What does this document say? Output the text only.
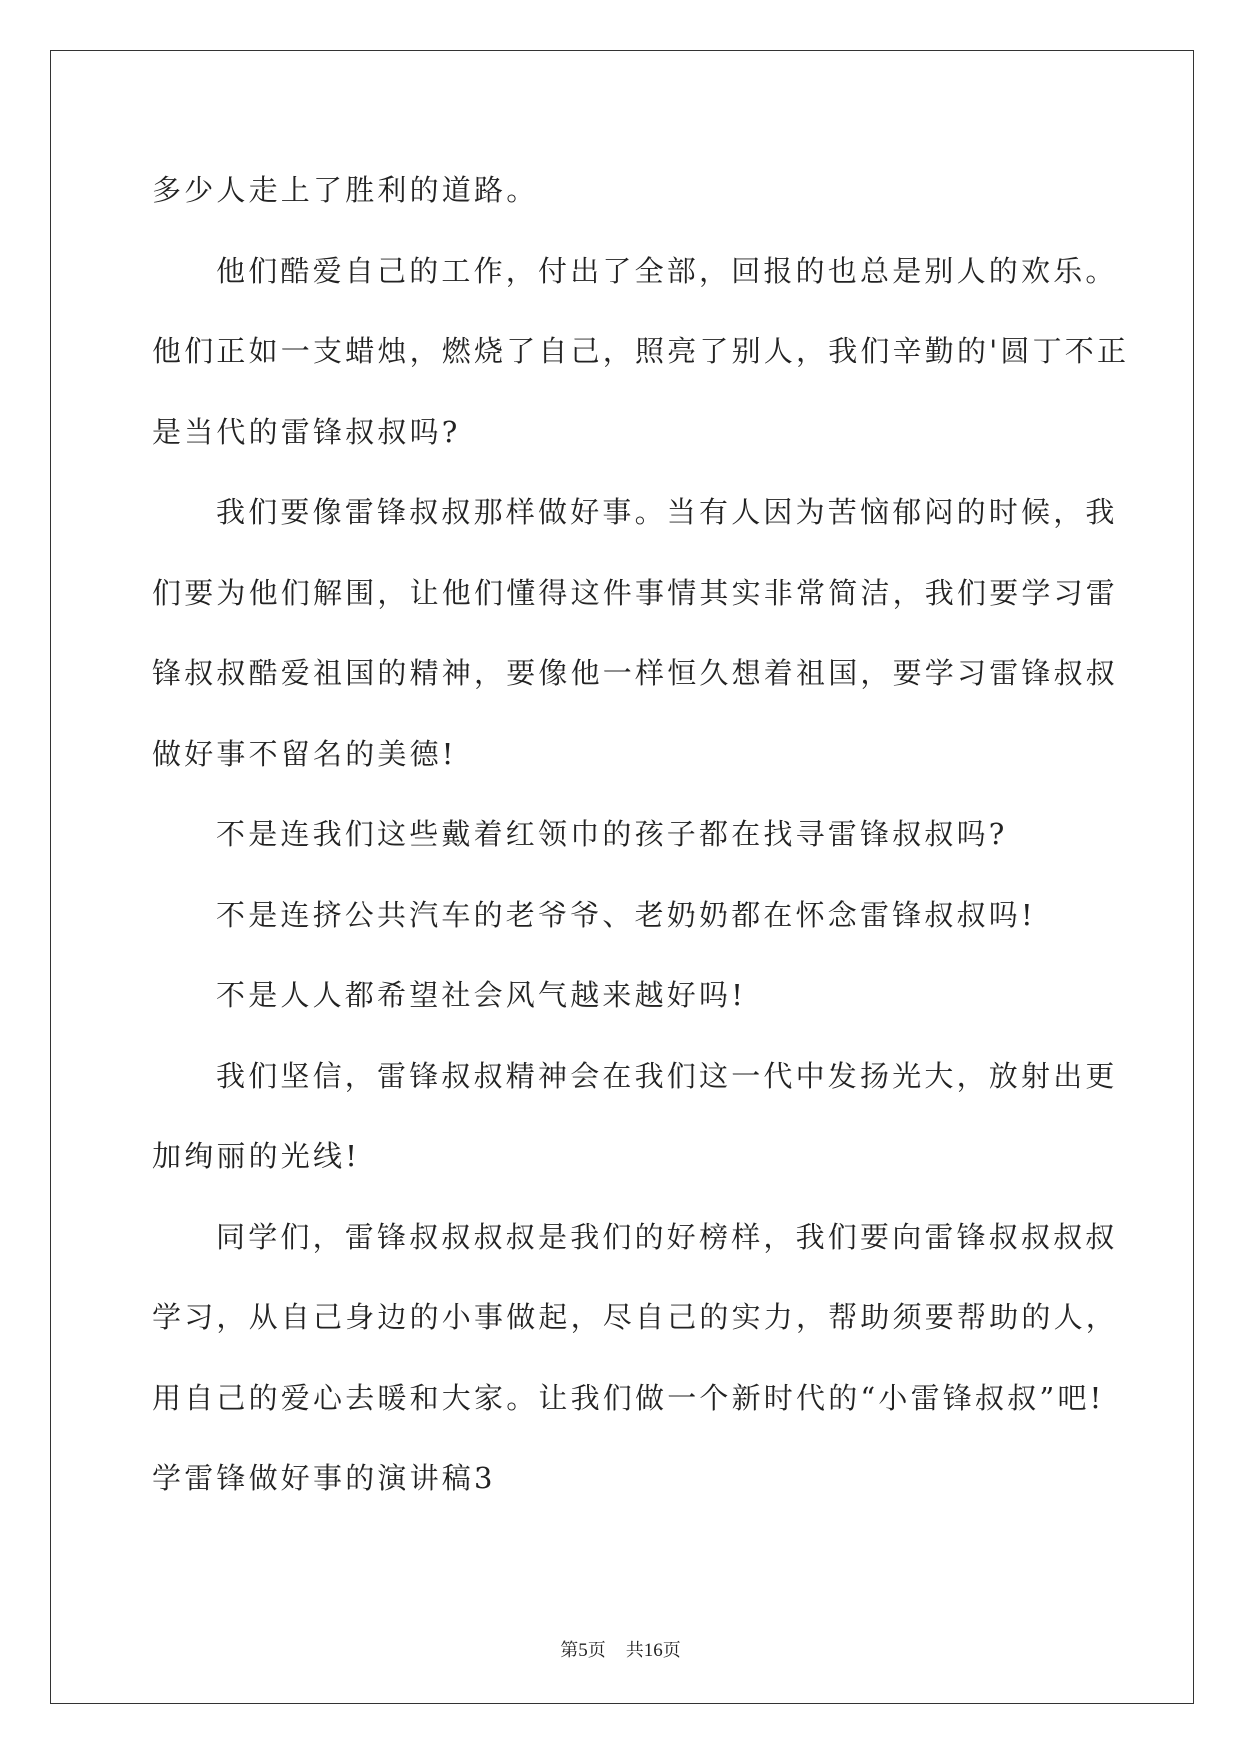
多少人走上了胜利的道路。

他们酷爱自己的工作，付出了全部，回报的也总是别人的欢乐。

他们正如一支蜡烛，燃烧了自己，照亮了别人，我们辛勤的'圆丁不正

是当代的雷锋叔叔吗?

我们要像雷锋叔叔那样做好事。当有人因为苦恼郁闷的时候，我

们要为他们解围，让他们懂得这件事情其实非常简洁，我们要学习雷

锋叔叔酷爱祖国的精神，要像他一样恒久想着祖国，要学习雷锋叔叔

做好事不留名的美德!

不是连我们这些戴着红领巾的孩子都在找寻雷锋叔叔吗?

不是连挤公共汽车的老爷爷、老奶奶都在怀念雷锋叔叔吗!

不是人人都希望社会风气越来越好吗!

我们坚信，雷锋叔叔精神会在我们这一代中发扬光大，放射出更

加绚丽的光线!

同学们，雷锋叔叔叔叔是我们的好榜样，我们要向雷锋叔叔叔叔

学习，从自己身边的小事做起，尽自己的实力，帮助须要帮助的人，

用自己的爱心去暖和大家。让我们做一个新时代的“小雷锋叔叔”吧!

学雷锋做好事的演讲稿3

第5页 共16页
